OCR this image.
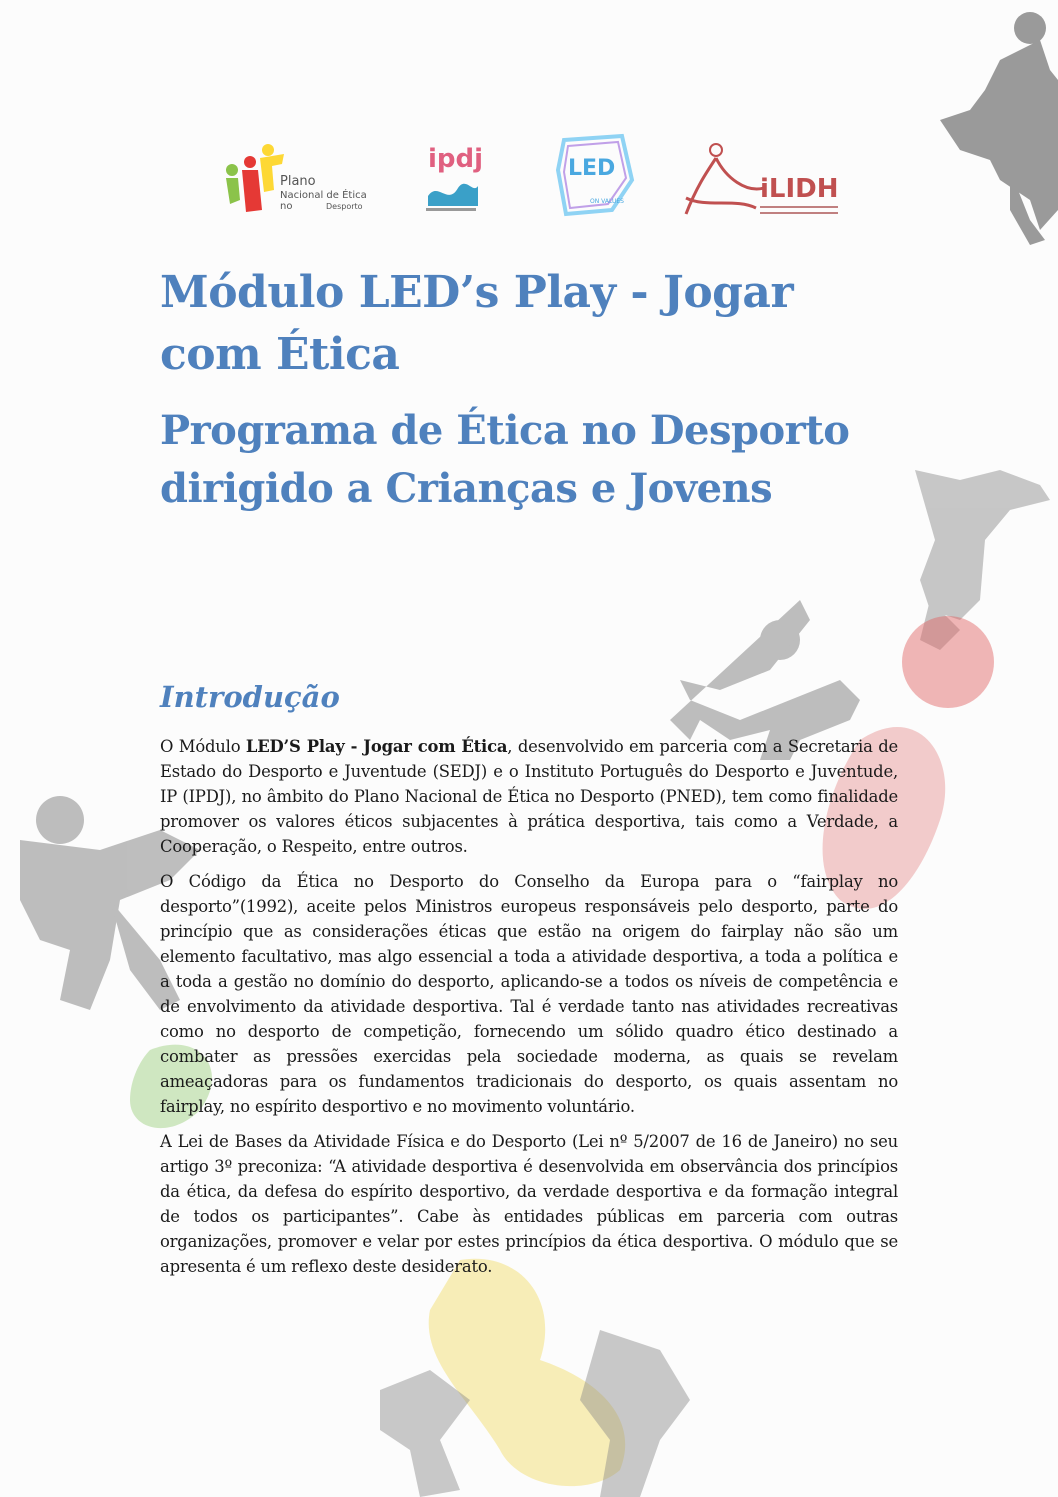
Plano
Nacional de Ética no	Desporto
ipdj	LED
ON VALUES	iLIDH
Módulo LED’s Play - Jogar com Ética
Programa de Ética no Desporto dirigido a Crianças e Jovens
Introdução

O Módulo LED’S Play - Jogar com Ética, desenvolvido em parceria com a Secretaria de Estado do Desporto e Juventude (SEDJ) e o Instituto Português do Desporto e Juventude, IP (IPDJ), no âmbito do Plano Nacional de Ética no Desporto (PNED), tem como finalidade promover os valores éticos subjacentes à prática desportiva, tais como a Verdade, a Cooperação, o Respeito, entre outros.

O Código da Ética no Desporto do Conselho da Europa para o “fairplay no desporto”(1992), aceite pelos Ministros europeus responsáveis pelo desporto, parte do princípio que as considerações éticas que estão na origem do fairplay não são um elemento facultativo, mas algo essencial a toda a atividade desportiva, a toda a política e a toda a gestão no domínio do desporto, aplicando-se a todos os níveis de competência e de envolvimento da atividade desportiva. Tal é verdade tanto nas atividades recreativas como no desporto de competição, fornecendo um sólido quadro ético destinado a combater as pressões exercidas pela sociedade moderna, as quais se revelam ameaçadoras para os fundamentos tradicionais do desporto, os quais assentam no fairplay, no espírito desportivo e no movimento voluntário.

A Lei de Bases da Atividade Física e do Desporto (Lei nº 5/2007 de 16 de Janeiro) no seu artigo 3º preconiza: “A atividade desportiva é desenvolvida em observância dos princípios da ética, da defesa do espírito desportivo, da verdade desportiva e da formação integral de todos os participantes”. Cabe às entidades públicas em parceria com outras organizações, promover e velar por estes princípios da ética desportiva. O módulo que se apresenta é um reflexo deste desiderato.
